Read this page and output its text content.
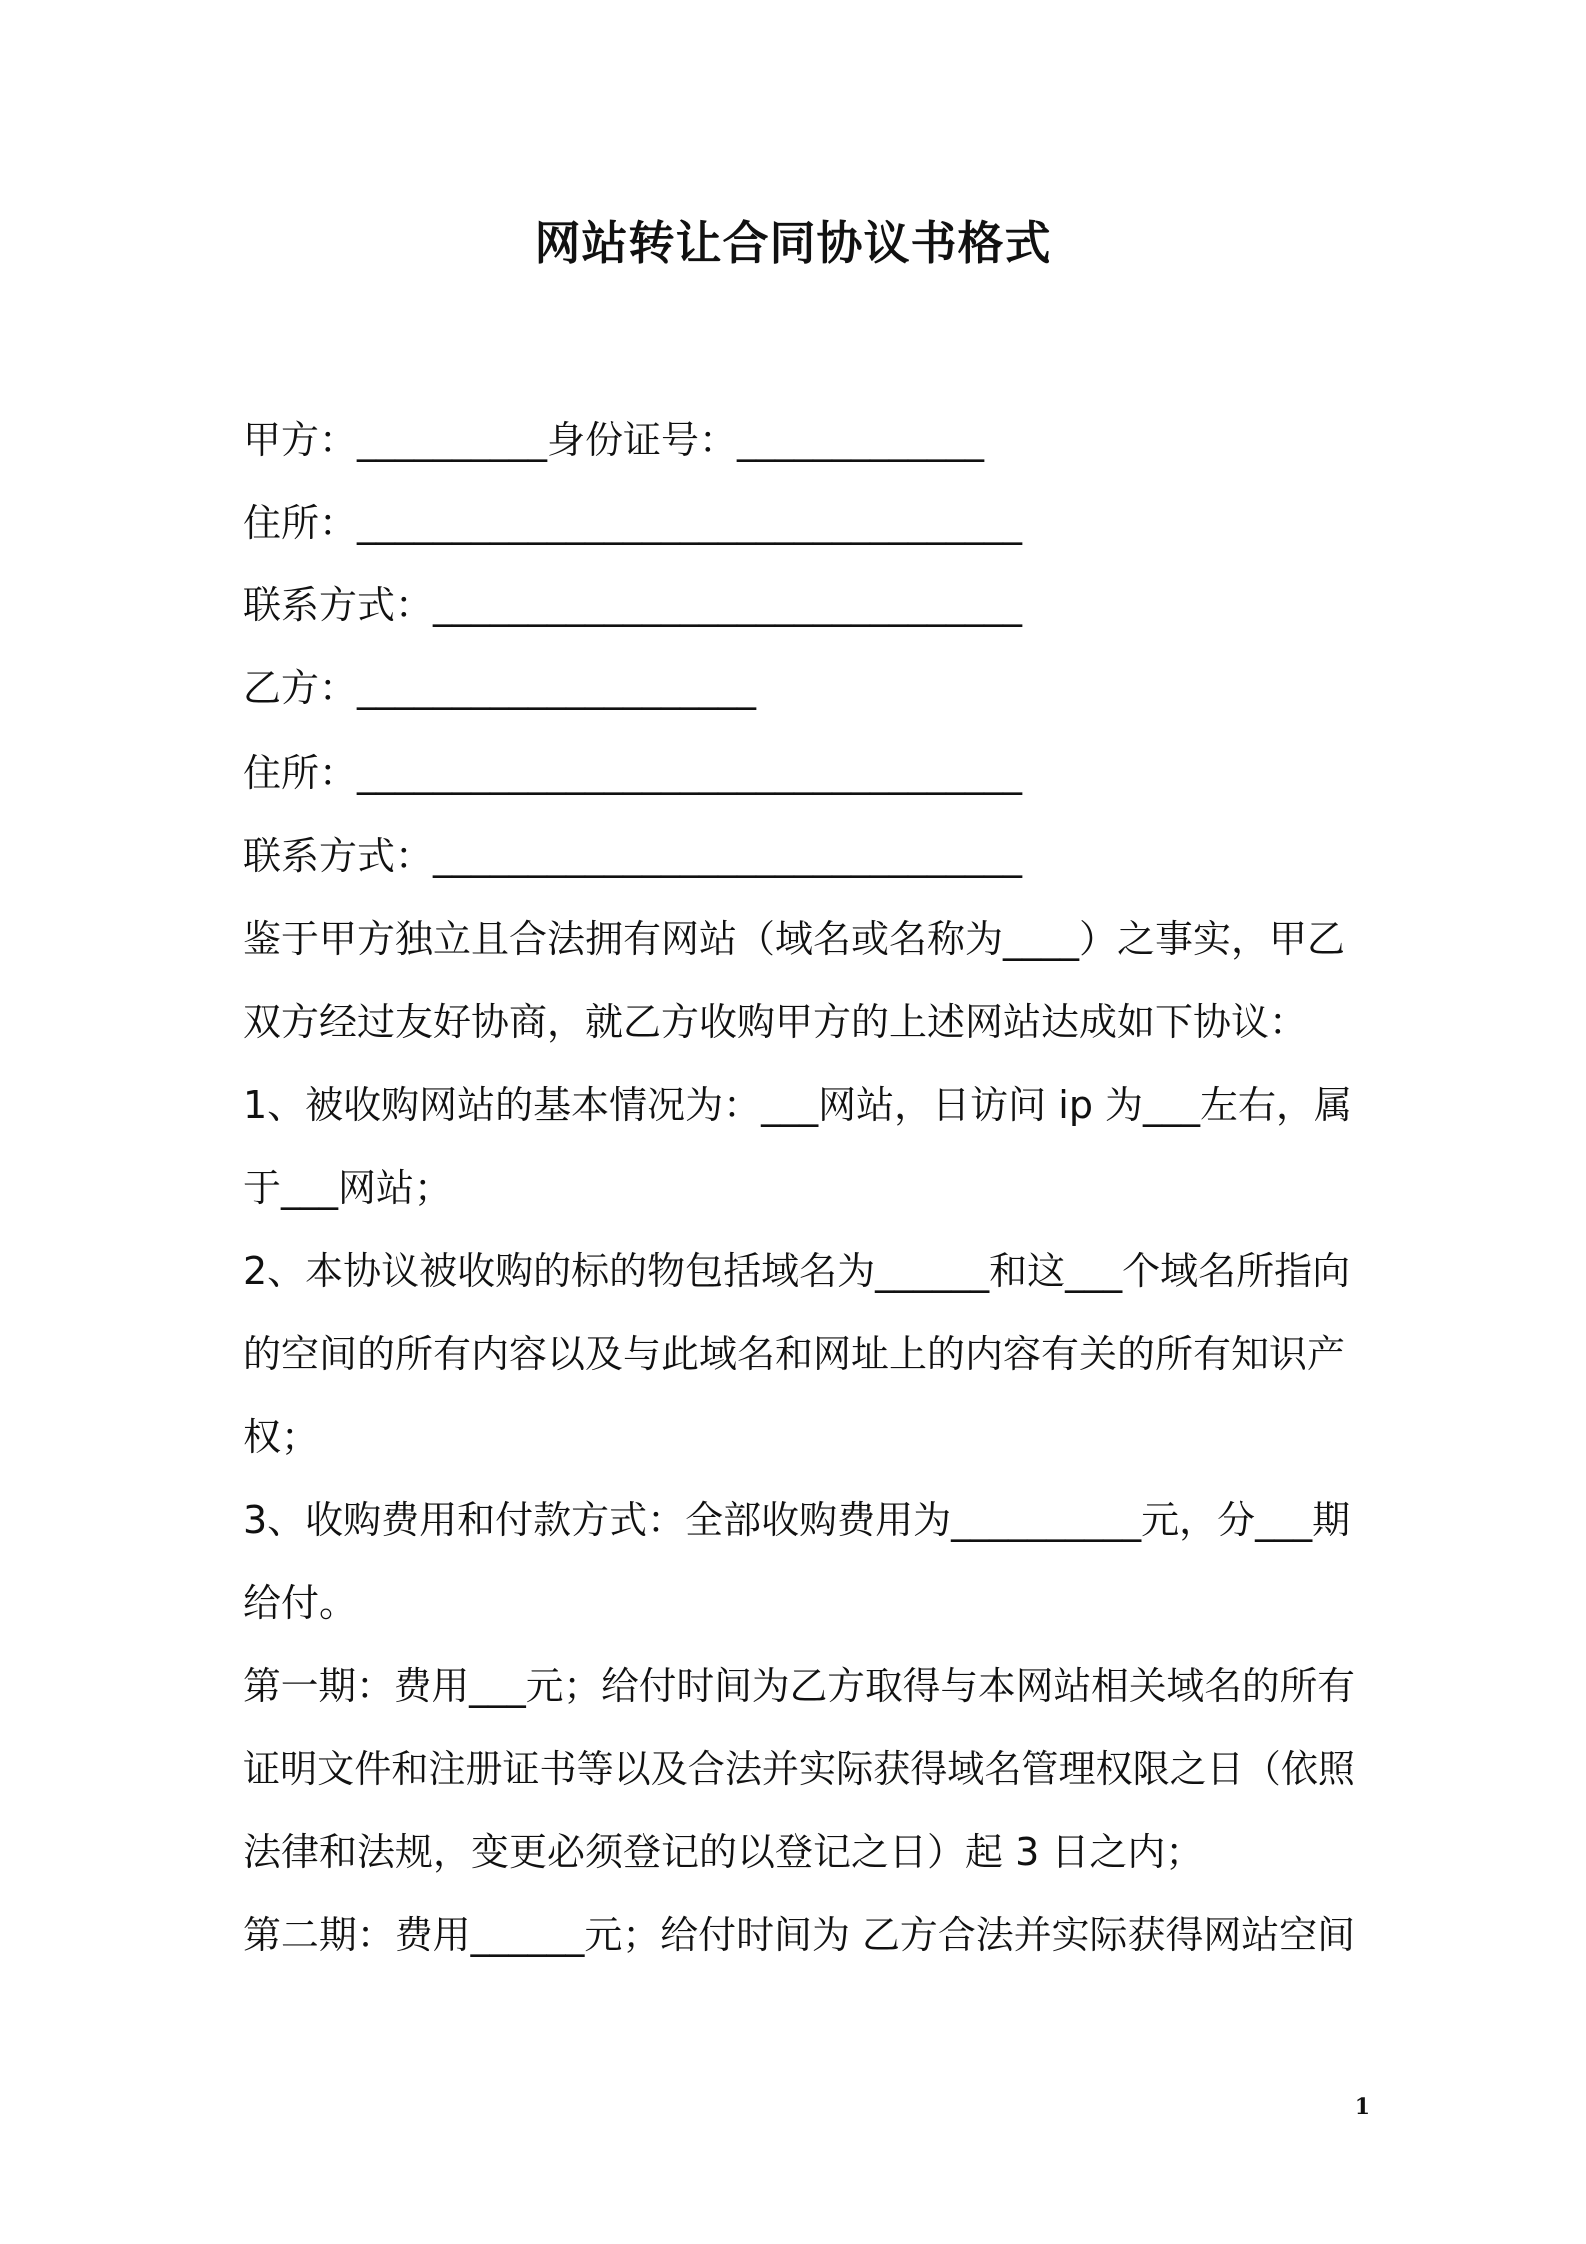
网站转让合同协议书格式
甲方：__________身份证号：_____________
住所：___________________________________
联系方式：_______________________________
乙方：_____________________
住所：___________________________________
联系方式：_______________________________
鉴于甲方独立且合法拥有网站（域名或名称为____）之事实，甲乙
双方经过友好协商，就乙方收购甲方的上述网站达成如下协议：
1、被收购网站的基本情况为：___网站，日访问 ip 为___左右，属
于___网站；
2、本协议被收购的标的物包括域名为______和这___个域名所指向
的空间的所有内容以及与此域名和网址上的内容有关的所有知识产
权；
3、收购费用和付款方式：全部收购费用为__________元，分___期
给付。
第一期：费用___元；给付时间为乙方取得与本网站相关域名的所有
证明文件和注册证书等以及合法并实际获得域名管理权限之日（依照
法律和法规，变更必须登记的以登记之日）起 3 日之内；
第二期：费用______元；给付时间为 乙方合法并实际获得网站空间
1
